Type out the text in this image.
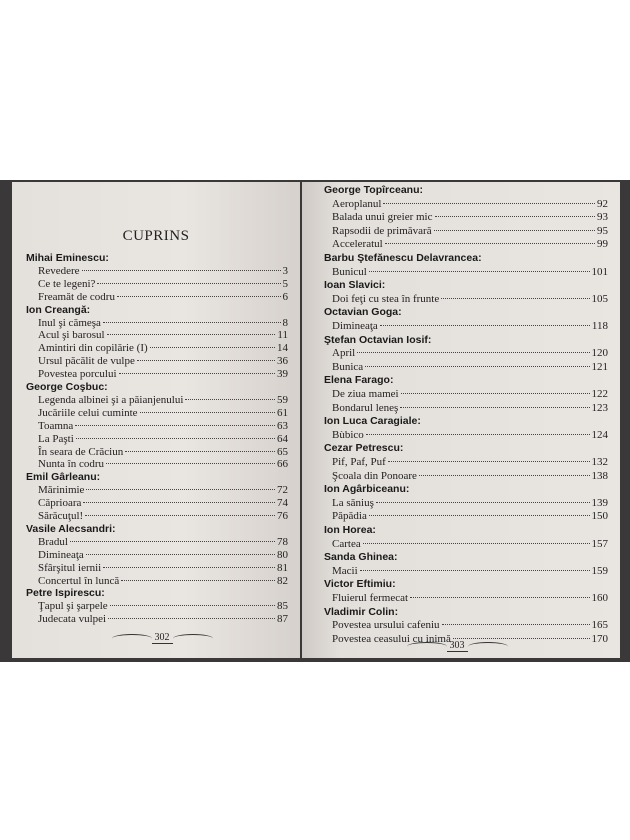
CUPRINS
Mihai Eminescu:
Revedere	3
Ce te legeni?	5
Freamăt de codru	6
Ion Creangă:
Inul şi cămeşa	8
Acul şi barosul	11
Amintiri din copilărie (I)	14
Ursul păcălit de vulpe	36
Povestea porcului	39
George Coşbuc:
Legenda albinei şi a păianjenului	59
Jucăriile celui cuminte	61
Toamna	63
La Paşti	64
În seara de Crăciun	65
Nunta în codru	66
Emil Gârleanu:
Mărinimie	72
Căprioara	74
Sărăcuţul!	76
Vasile Alecsandri:
Bradul	78
Dimineaţa	80
Sfârşitul iernii	81
Concertul în luncă	82
Petre Ispirescu:
Ţapul şi şarpele	85
Judecata vulpei	87
302
George Topîrceanu:
Aeroplanul	92
Balada unui greier mic	93
Rapsodii de primăvară	95
Acceleratul	99
Barbu Ştefănescu Delavrancea:
Bunicul	101
Ioan Slavici:
Doi feţi cu stea în frunte	105
Octavian Goga:
Dimineaţa	118
Ştefan Octavian Iosif:
April	120
Bunica	121
Elena Farago:
De ziua mamei	122
Bondarul leneş	123
Ion Luca Caragiale:
Bùbico	124
Cezar Petrescu:
Pif, Paf, Puf	132
Şcoala din Ponoare	138
Ion Agârbiceanu:
La săniuş	139
Păpădia	150
Ion Horea:
Cartea	157
Sanda Ghinea:
Macii	159
Victor Eftimiu:
Fluierul fermecat	160
Vladimir Colin:
Povestea ursului cafeniu	165
Povestea ceasului cu inimă	170
303
